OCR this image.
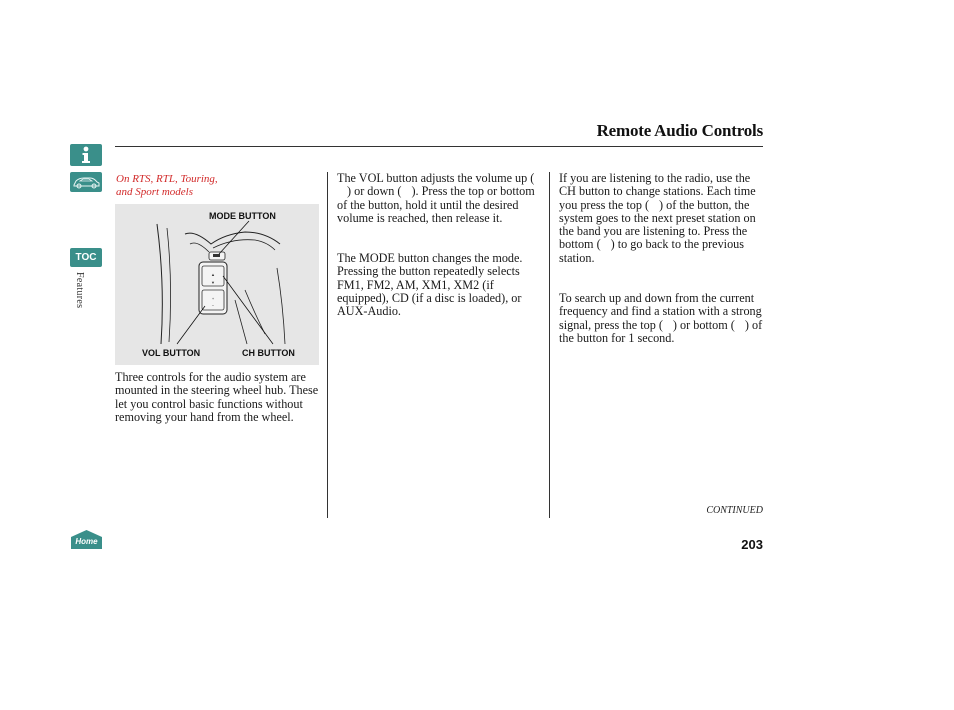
Remote Audio Controls
TOC
Features
Home
On RTS, RTL, Touring,
and Sport models
▲
▼
+
−
MODE BUTTON
VOL BUTTON	CH BUTTON
Three controls for the audio system are mounted in the steering wheel hub. These let you control basic functions without removing your hand from the wheel.
The VOL button adjusts the volume up () or down ( ). Press the top or bottom of the button, hold it until the desired volume is reached, then release it.
The MODE button changes the mode. Pressing the button repeatedly selects FM1, FM2, AM, XM1, XM2 (if equipped), CD (if a disc is loaded), or AUX-Audio.
If you are listening to the radio, use the CH button to change stations. Each time you press the top ( ) of the button, the system goes to the next preset station on the band you are listening to. Press the bottom ( ) to go back to the previous station.
To search up and down from the current frequency and find a station with a strong signal, press the top ( ) or bottom ( ) of the button for 1 second.
CONTINUED
203
